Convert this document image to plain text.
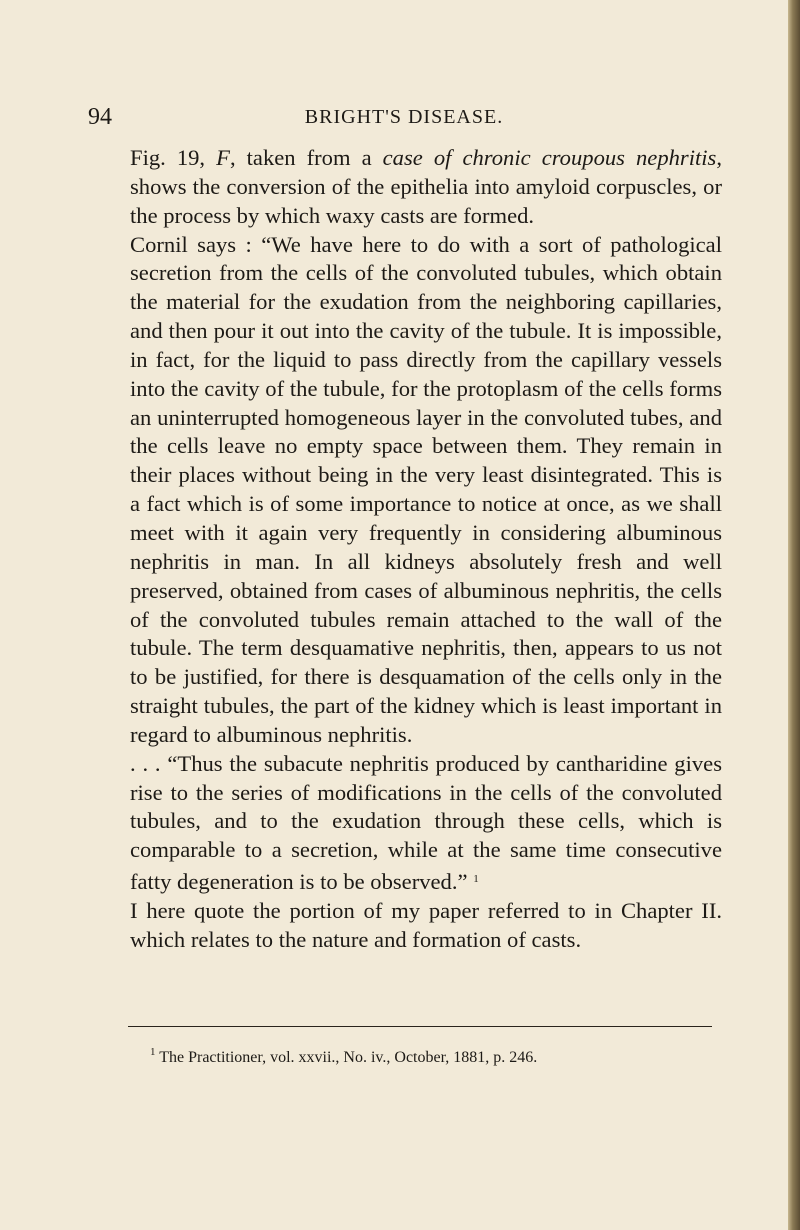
94	BRIGHT'S DISEASE.

Fig. 19, F, taken from a case of chronic croupous nephritis, shows the conversion of the epithelia into amyloid corpuscles, or the process by which waxy casts are formed.

Cornil says : “We have here to do with a sort of pathological secretion from the cells of the convoluted tubules, which obtain the material for the exudation from the neighboring capillaries, and then pour it out into the cavity of the tubule. It is impossible, in fact, for the liquid to pass directly from the capillary vessels into the cavity of the tubule, for the protoplasm of the cells forms an uninterrupted homogeneous layer in the convoluted tubes, and the cells leave no empty space between them. They remain in their places without being in the very least disintegrated. This is a fact which is of some importance to notice at once, as we shall meet with it again very frequently in considering albuminous nephritis in man. In all kidneys absolutely fresh and well preserved, obtained from cases of albuminous nephritis, the cells of the convoluted tubules remain attached to the wall of the tubule. The term desquamative nephritis, then, appears to us not to be justified, for there is desquamation of the cells only in the straight tubules, the part of the kidney which is least important in regard to albuminous nephritis.

. . . “Thus the subacute nephritis produced by cantharidine gives rise to the series of modifications in the cells of the convoluted tubules, and to the exudation through these cells, which is comparable to a secretion, while at the same time consecutive fatty degeneration is to be observed.” $^1$

I here quote the portion of my paper referred to in Chapter II. which relates to the nature and formation of casts.

$^1$ The Practitioner, vol. xxvii., No. iv., October, 1881, p. 246.
